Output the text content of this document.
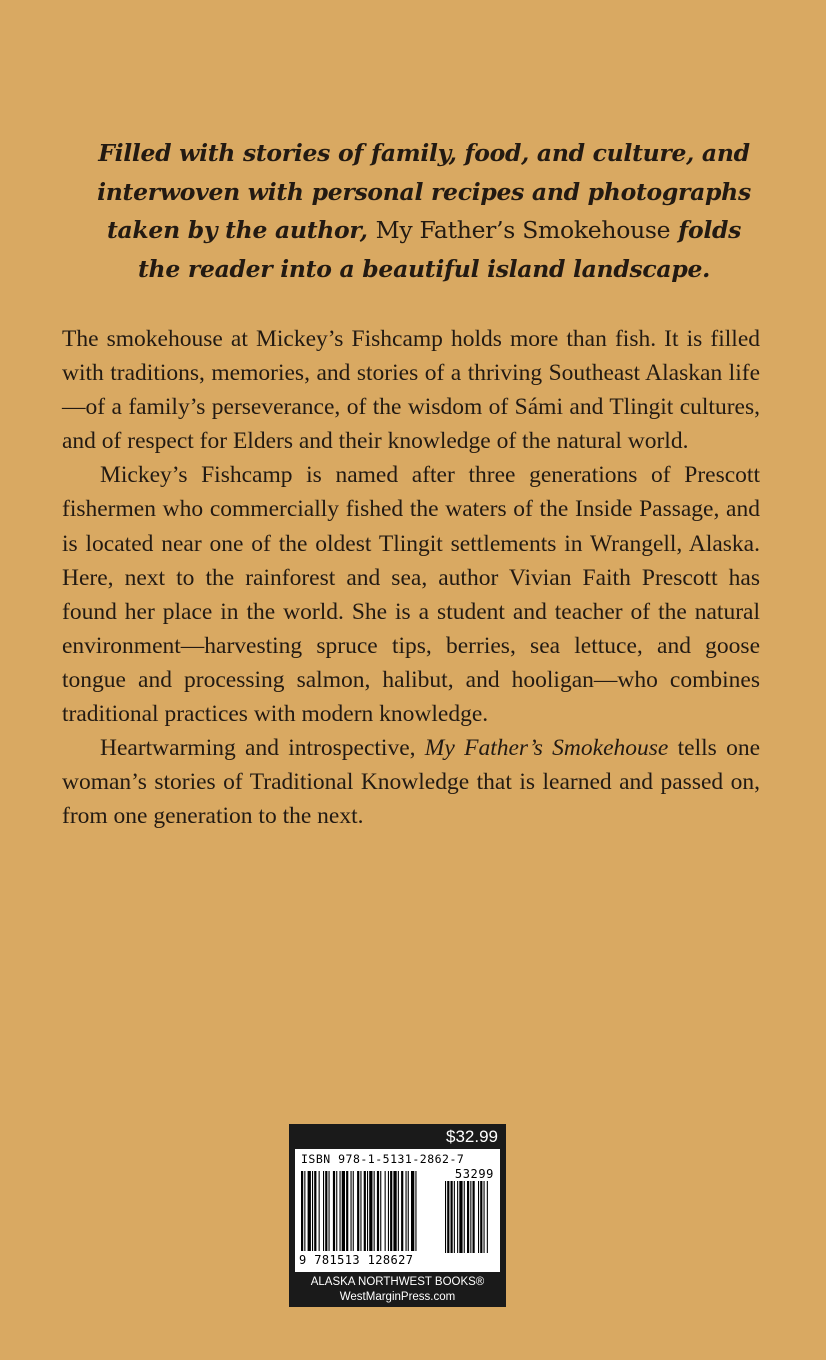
Filled with stories of family, food, and culture, and interwoven with personal recipes and photographs taken by the author, My Father’s Smokehouse folds the reader into a beautiful island landscape.

The smokehouse at Mickey’s Fishcamp holds more than fish. It is filled with traditions, memories, and stories of a thriving Southeast Alaskan life—of a family’s perseverance, of the wisdom of Sámi and Tlingit cultures, and of respect for Elders and their knowledge of the natural world.

Mickey’s Fishcamp is named after three generations of Prescott fishermen who commercially fished the waters of the Inside Passage, and is located near one of the oldest Tlingit settlements in Wrangell, Alaska. Here, next to the rainforest and sea, author Vivian Faith Prescott has found her place in the world. She is a student and teacher of the natural environment—harvesting spruce tips, berries, sea lettuce, and goose tongue and processing salmon, halibut, and hooligan—who combines traditional practices with modern knowledge.

Heartwarming and introspective, My Father’s Smokehouse tells one woman’s stories of Traditional Knowledge that is learned and passed on, from one generation to the next.

$32.99
ISBN 978-1-5131-2862-7
53299
9 781513 128627
ALASKA NORTHWEST BOOKS®
WestMarginPress.com
